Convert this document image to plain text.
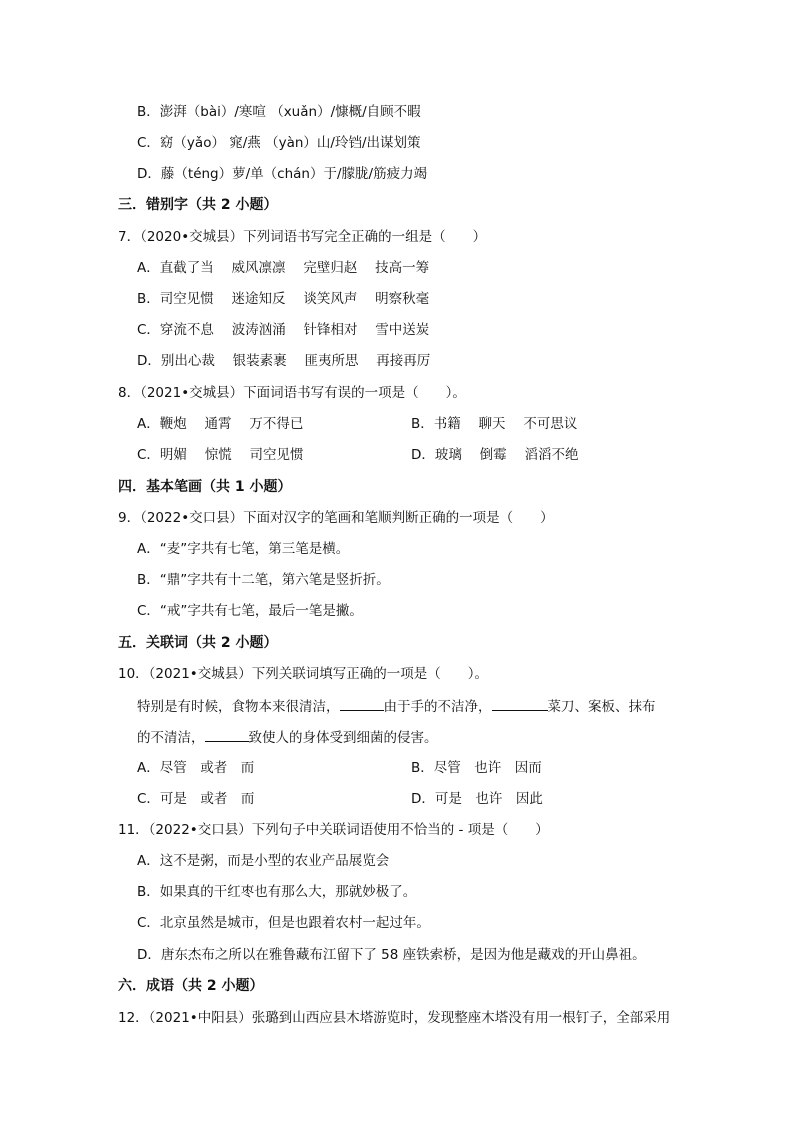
B．澎湃（bài）/寒喧 （xuǎn）/慷概/自顾不暇
C．窈（yǎo） 窕/燕 （yàn）山/玲铛/出谋划策
D．藤（téng）萝/单（chán）于/朦胧/筋疲力竭
三．错别字（共 2 小题）
7．（2020•交城县）下列词语书写完全正确的一组是（　　）
A．直截了当　 威风凛凛　 完壁归赵　 技高一筹
B．司空见惯　 迷途知反　 谈笑风声　 明察秋毫
C．穿流不息　 波涛汹涌　 针锋相对　 雪中送炭
D．别出心裁　 银装素裹　 匪夷所思　 再接再厉
8．（2021•交城县）下面词语书写有误的一项是（　　）。
A．鞭炮　 通霄　 万不得已	B．书籍　 聊天　 不可思议
C．明媚　 惊慌　 司空见惯	D．玻璃　 倒霉　 滔滔不绝
四．基本笔画（共 1 小题）
9．（2022•交口县）下面对汉字的笔画和笔顺判断正确的一项是（　　）
A．“麦”字共有七笔，第三笔是横。
B．“鼎”字共有十二笔，第六笔是竖折折。
C．“戒”字共有七笔，最后一笔是撇。
五．关联词（共 2 小题）
10．（2021•交城县）下列关联词填写正确的一项是（　　）。
特别是有时候，食物本来很清洁，	由于手的不洁净，	菜刀、案板、抹布
的不清洁，	致使人的身体受到细菌的侵害。
A．尽管　或者　而	B．尽管　也许　因而
C．可是　或者　而	D．可是　也许　因此
11．（2022•交口县）下列句子中关联词语使用不恰当的 - 项是（　　）
A．这不是粥，而是小型的农业产品展览会
B．如果真的干红枣也有那么大，那就妙极了。
C．北京虽然是城市，但是也跟着农村一起过年。
D．唐东杰布之所以在雅鲁藏布江留下了 58 座铁索桥，是因为他是藏戏的开山鼻祖。
六．成语（共 2 小题）
12．（2021•中阳县）张璐到山西应县木塔游览时，发现整座木塔没有用一根钉子，全部采用
